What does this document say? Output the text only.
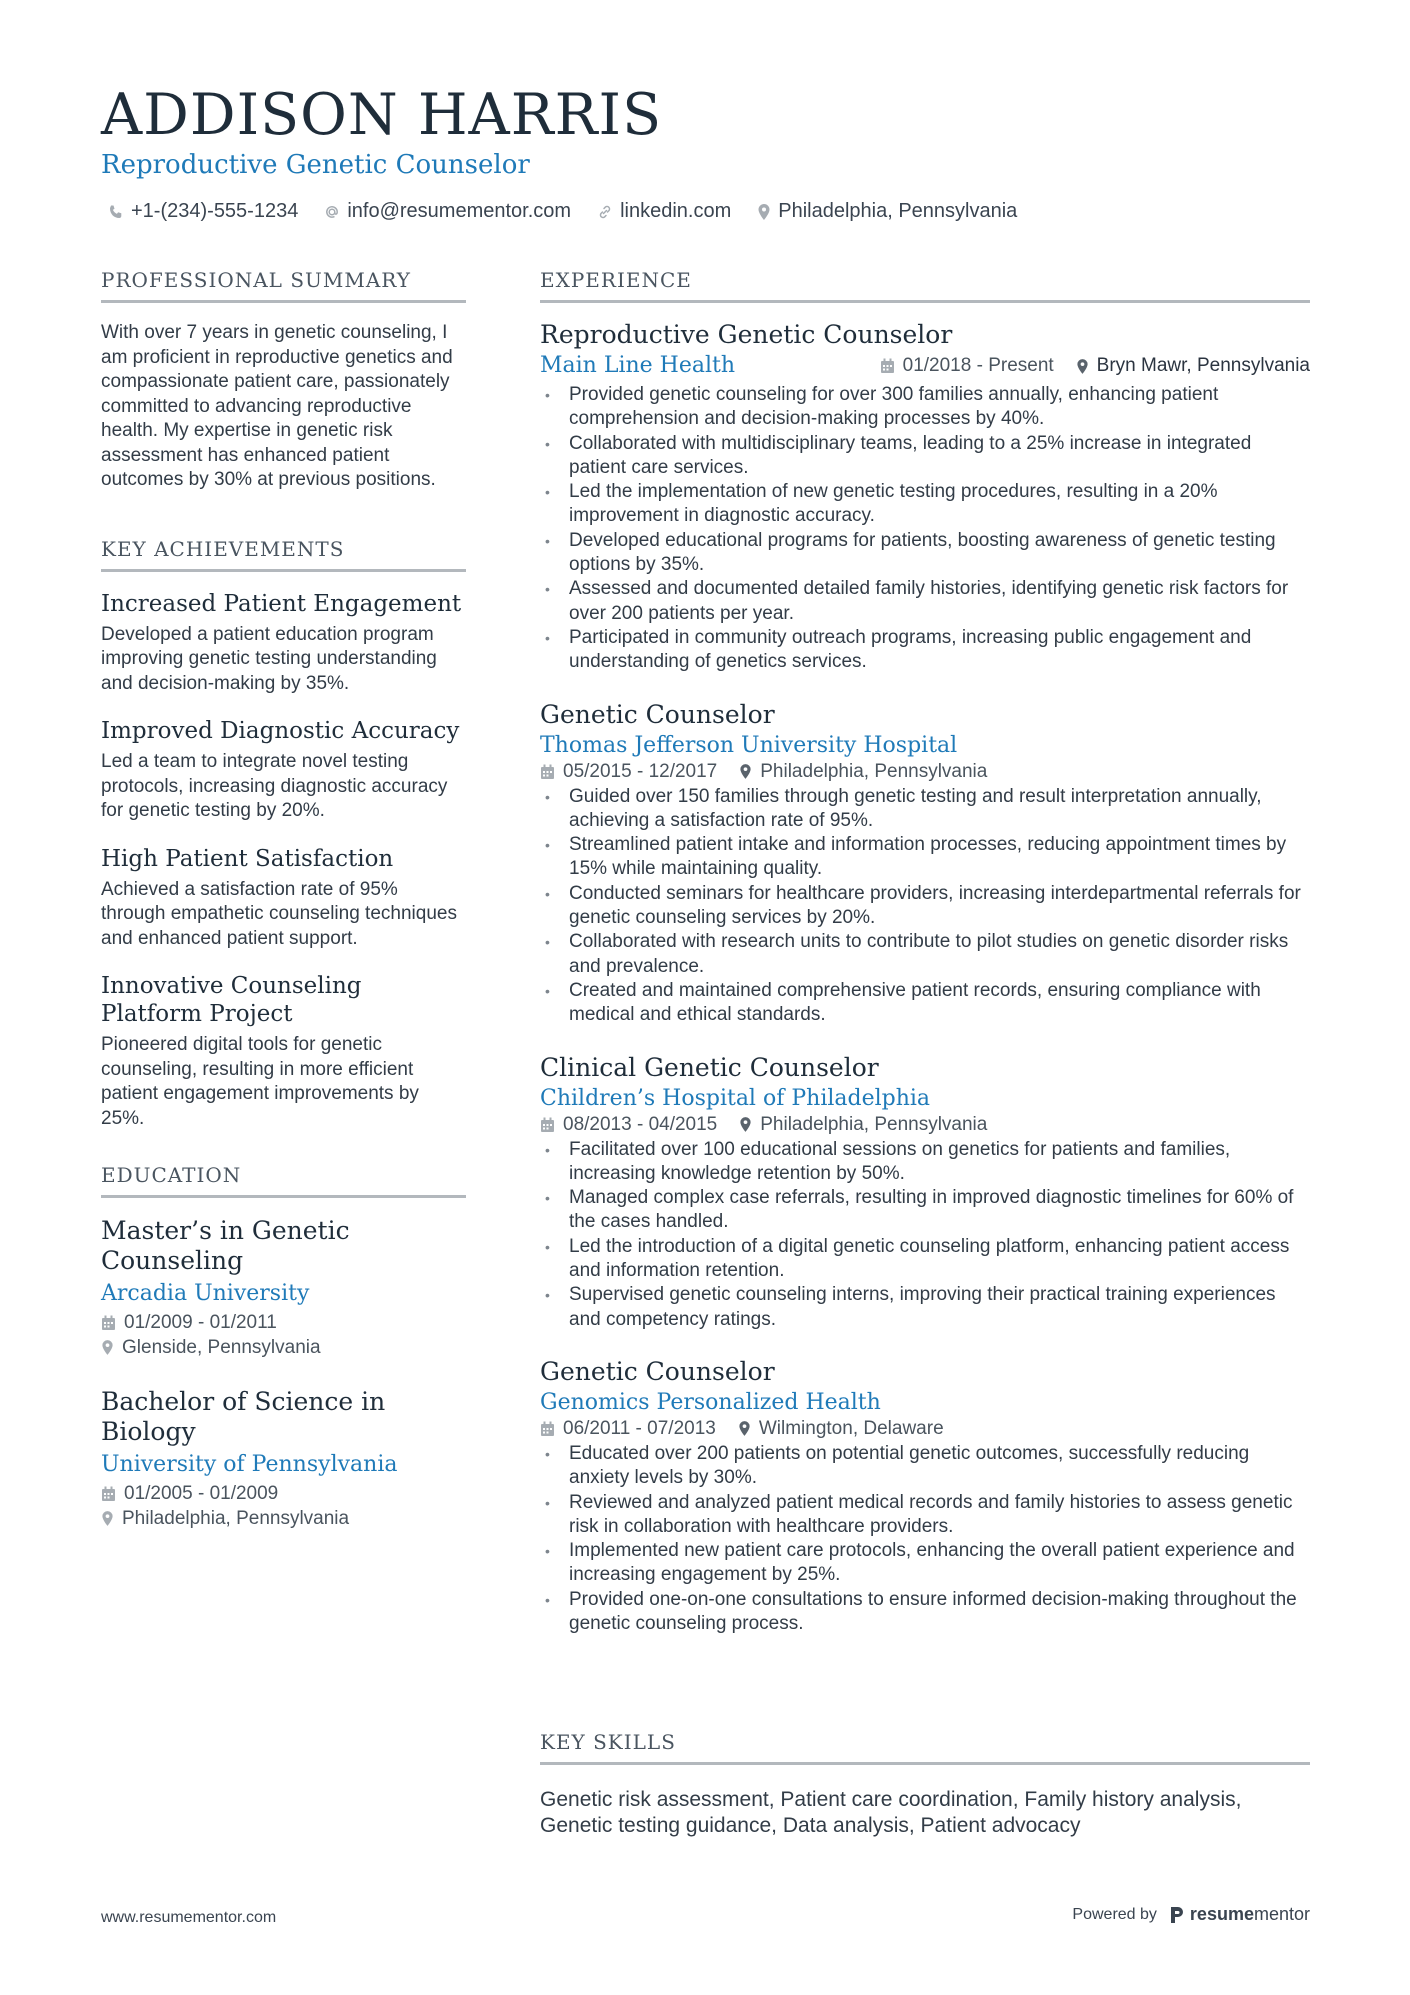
ADDISON HARRIS
Reproductive Genetic Counselor
+1-(234)-555-1234 info@resumementor.com linkedin.com Philadelphia, Pennsylvania
PROFESSIONAL SUMMARY
With over 7 years in genetic counseling, I am proficient in reproductive genetics and compassionate patient care, passionately committed to advancing reproductive health. My expertise in genetic risk assessment has enhanced patient outcomes by 30% at previous positions.
KEY ACHIEVEMENTS
Increased Patient Engagement
Developed a patient education program improving genetic testing understanding and decision-making by 35%.
Improved Diagnostic Accuracy
Led a team to integrate novel testing protocols, increasing diagnostic accuracy for genetic testing by 20%.
High Patient Satisfaction
Achieved a satisfaction rate of 95% through empathetic counseling techniques and enhanced patient support.
Innovative Counseling Platform Project
Pioneered digital tools for genetic counseling, resulting in more efficient patient engagement improvements by 25%.
EDUCATION
Master’s in Genetic Counseling
Arcadia University
01/2009 - 01/2011
Glenside, Pennsylvania
Bachelor of Science in Biology
University of Pennsylvania
01/2005 - 01/2009
Philadelphia, Pennsylvania
EXPERIENCE
Reproductive Genetic Counselor
Main Line Health	01/2018 - Present Bryn Mawr, Pennsylvania
• Provided genetic counseling for over 300 families annually, enhancing patient comprehension and decision-making processes by 40%.
• Collaborated with multidisciplinary teams, leading to a 25% increase in integrated patient care services.
• Led the implementation of new genetic testing procedures, resulting in a 20% improvement in diagnostic accuracy.
• Developed educational programs for patients, boosting awareness of genetic testing options by 35%.
• Assessed and documented detailed family histories, identifying genetic risk factors for over 200 patients per year.
• Participated in community outreach programs, increasing public engagement and understanding of genetics services.
Genetic Counselor
Thomas Jefferson University Hospital
05/2015 - 12/2017 Philadelphia, Pennsylvania
• Guided over 150 families through genetic testing and result interpretation annually, achieving a satisfaction rate of 95%.
• Streamlined patient intake and information processes, reducing appointment times by 15% while maintaining quality.
• Conducted seminars for healthcare providers, increasing interdepartmental referrals for genetic counseling services by 20%.
• Collaborated with research units to contribute to pilot studies on genetic disorder risks and prevalence.
• Created and maintained comprehensive patient records, ensuring compliance with medical and ethical standards.
Clinical Genetic Counselor
Children’s Hospital of Philadelphia
08/2013 - 04/2015 Philadelphia, Pennsylvania
• Facilitated over 100 educational sessions on genetics for patients and families, increasing knowledge retention by 50%.
• Managed complex case referrals, resulting in improved diagnostic timelines for 60% of the cases handled.
• Led the introduction of a digital genetic counseling platform, enhancing patient access and information retention.
• Supervised genetic counseling interns, improving their practical training experiences and competency ratings.
Genetic Counselor
Genomics Personalized Health
06/2011 - 07/2013 Wilmington, Delaware
• Educated over 200 patients on potential genetic outcomes, successfully reducing anxiety levels by 30%.
• Reviewed and analyzed patient medical records and family histories to assess genetic risk in collaboration with healthcare providers.
• Implemented new patient care protocols, enhancing the overall patient experience and increasing engagement by 25%.
• Provided one-on-one consultations to ensure informed decision-making throughout the genetic counseling process.
KEY SKILLS
Genetic risk assessment, Patient care coordination, Family history analysis, Genetic testing guidance, Data analysis, Patient advocacy
www.resumementor.com	Powered by resume mentor
